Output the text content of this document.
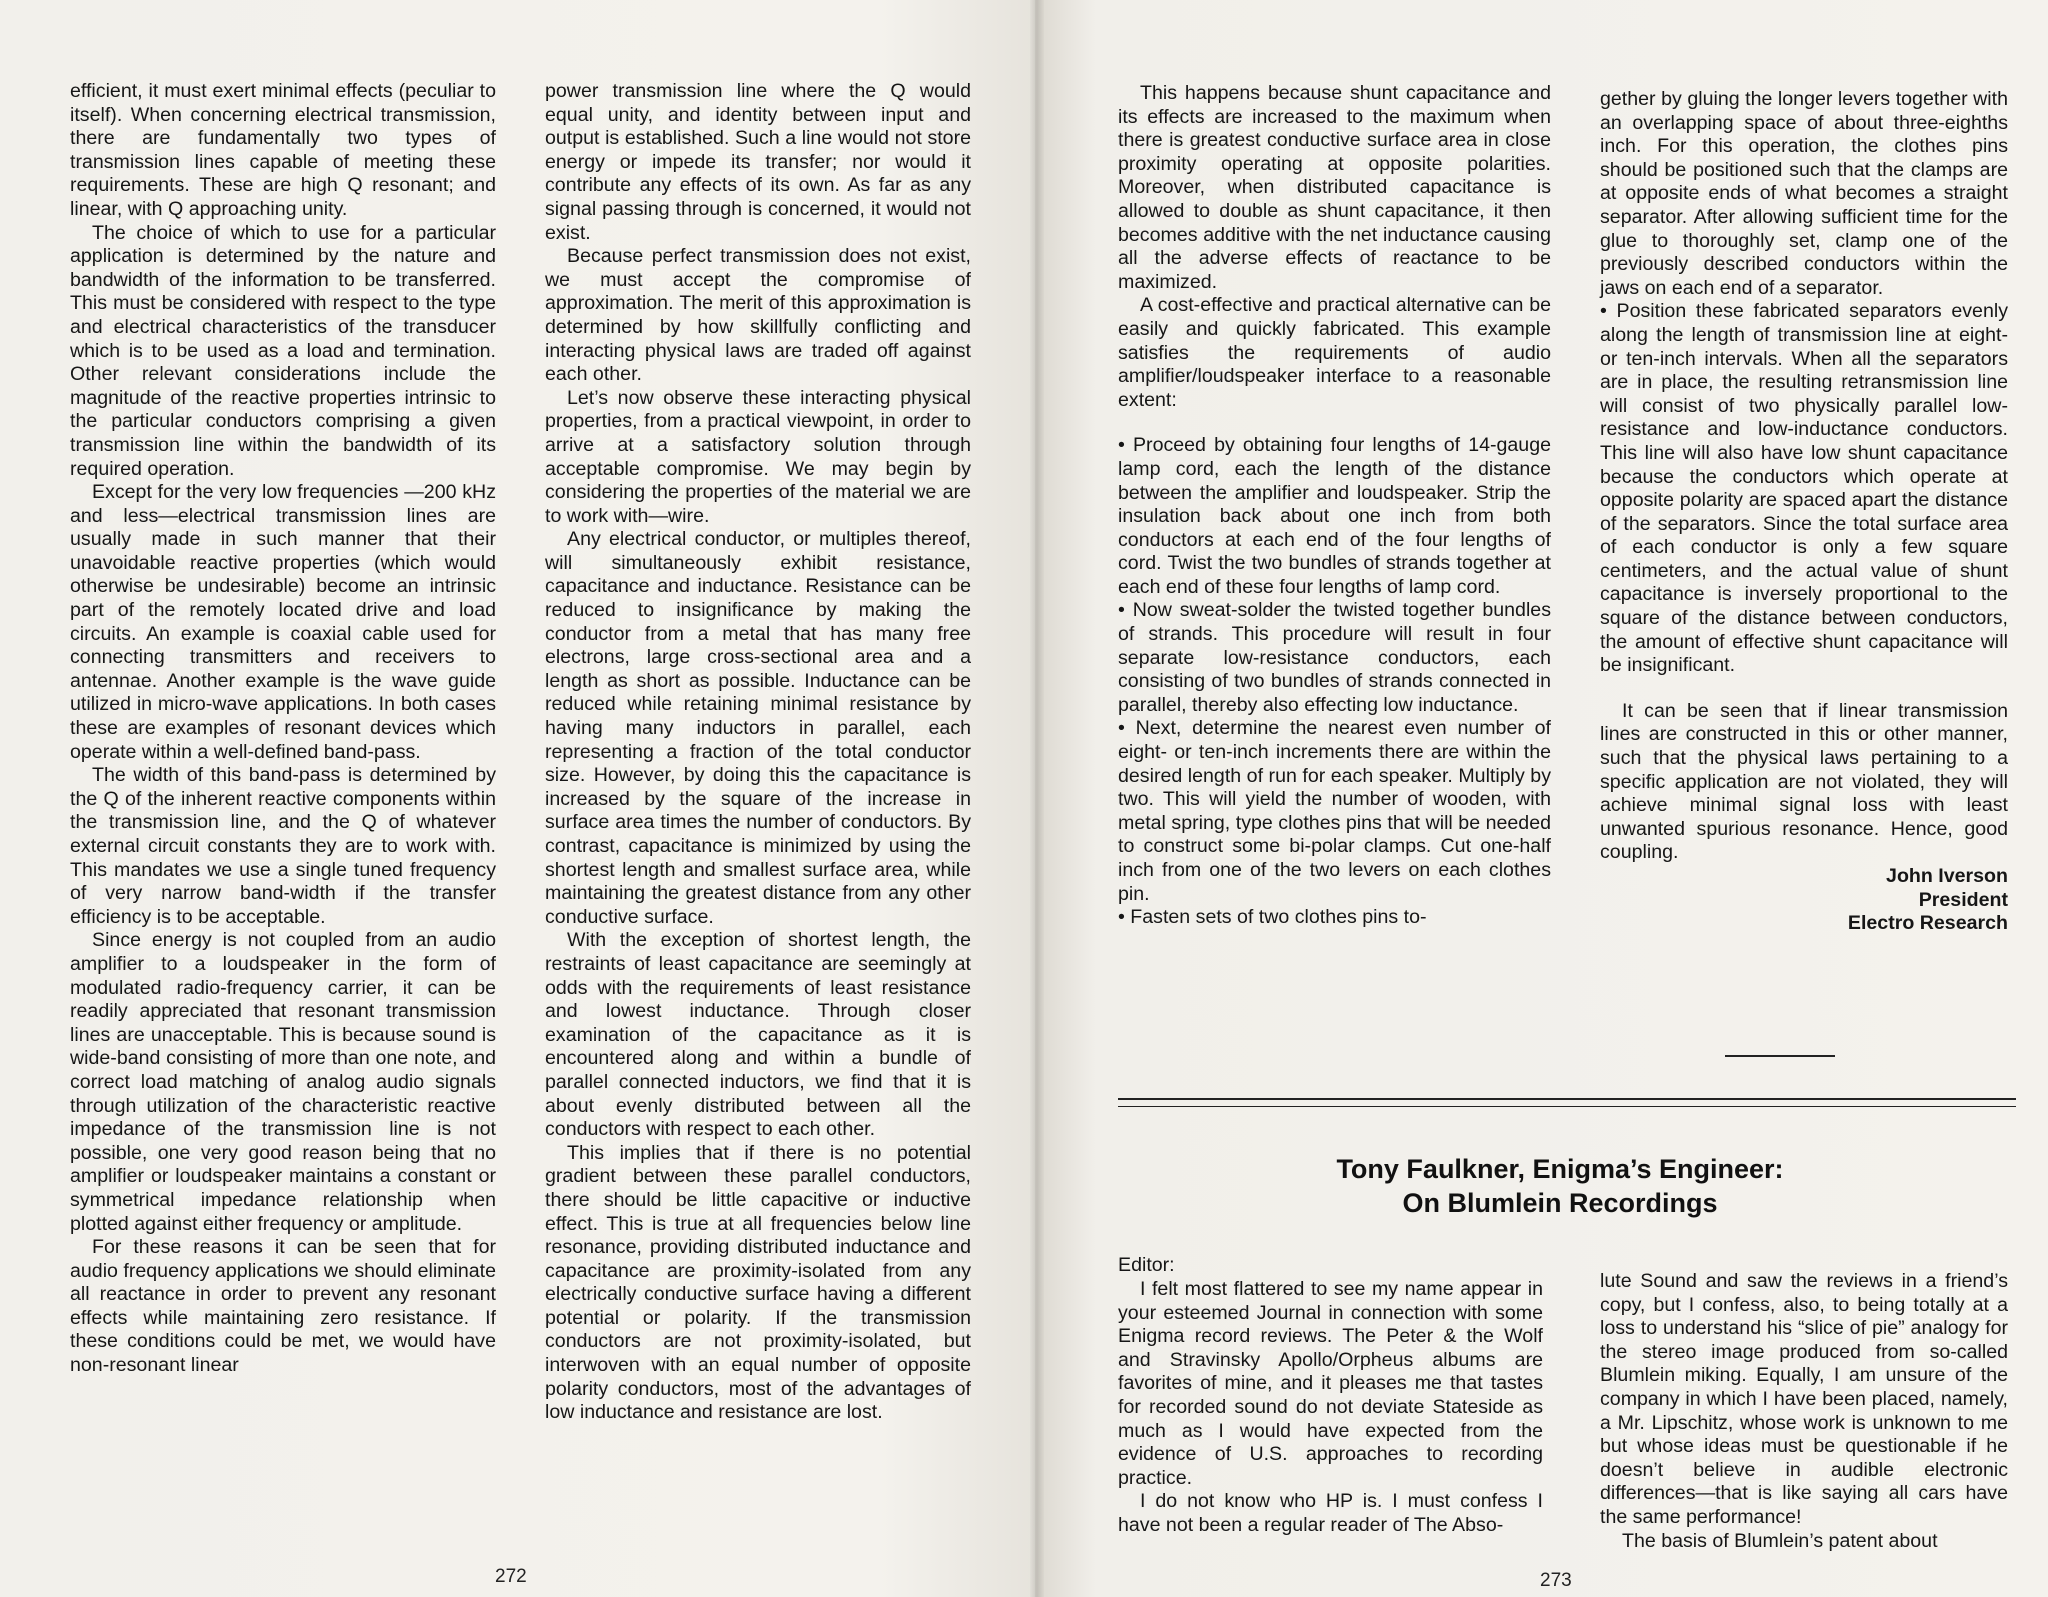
efficient, it must exert minimal effects (peculiar to itself). When concerning electrical transmission, there are fundamentally two types of transmission lines capable of meeting these requirements. These are high Q resonant; and linear, with Q approaching unity.

The choice of which to use for a particular application is determined by the nature and bandwidth of the information to be transferred. This must be considered with respect to the type and electrical characteristics of the transducer which is to be used as a load and termination. Other relevant considerations include the magnitude of the reactive properties intrinsic to the particular conductors comprising a given transmission line within the bandwidth of its required operation.

Except for the very low frequencies —200 kHz and less—electrical transmission lines are usually made in such manner that their unavoidable reactive properties (which would otherwise be undesirable) become an intrinsic part of the remotely located drive and load circuits. An example is coaxial cable used for connecting transmitters and receivers to antennae. Another example is the wave guide utilized in micro-wave applications. In both cases these are examples of resonant devices which operate within a well-defined band-pass.

The width of this band-pass is determined by the Q of the inherent reactive components within the transmission line, and the Q of whatever external circuit constants they are to work with. This mandates we use a single tuned frequency of very narrow band-width if the transfer efficiency is to be acceptable.

Since energy is not coupled from an audio amplifier to a loudspeaker in the form of modulated radio-frequency carrier, it can be readily appreciated that resonant transmission lines are unacceptable. This is because sound is wide-band consisting of more than one note, and correct load matching of analog audio signals through utilization of the characteristic reactive impedance of the transmission line is not possible, one very good reason being that no amplifier or loudspeaker maintains a constant or symmetrical impedance relationship when plotted against either frequency or amplitude.

For these reasons it can be seen that for audio frequency applications we should eliminate all reactance in order to prevent any resonant effects while maintaining zero resistance. If these conditions could be met, we would have non-resonant linear

power transmission line where the Q would equal unity, and identity between input and output is established. Such a line would not store energy or impede its transfer; nor would it contribute any effects of its own. As far as any signal passing through is concerned, it would not exist.

Because perfect transmission does not exist, we must accept the compromise of approximation. The merit of this approximation is determined by how skillfully conflicting and interacting physical laws are traded off against each other.

Let’s now observe these interacting physical properties, from a practical viewpoint, in order to arrive at a satisfactory solution through acceptable compromise. We may begin by considering the properties of the material we are to work with—wire.

Any electrical conductor, or multiples thereof, will simultaneously exhibit resistance, capacitance and inductance. Resistance can be reduced to insignificance by making the conductor from a metal that has many free electrons, large cross-sectional area and a length as short as possible. Inductance can be reduced while retaining minimal resistance by having many inductors in parallel, each representing a fraction of the total conductor size. However, by doing this the capacitance is increased by the square of the increase in surface area times the number of conductors. By contrast, capacitance is minimized by using the shortest length and smallest surface area, while maintaining the greatest distance from any other conductive surface.

With the exception of shortest length, the restraints of least capacitance are seemingly at odds with the requirements of least resistance and lowest inductance. Through closer examination of the capacitance as it is encountered along and within a bundle of parallel connected inductors, we find that it is about evenly distributed between all the conductors with respect to each other.

This implies that if there is no potential gradient between these parallel conductors, there should be little capacitive or inductive effect. This is true at all frequencies below line resonance, providing distributed inductance and capacitance are proximity-isolated from any electrically conductive surface having a different potential or polarity. If the transmission conductors are not proximity-isolated, but interwoven with an equal number of opposite polarity conductors, most of the advantages of low inductance and resistance are lost.

272

This happens because shunt capacitance and its effects are increased to the maximum when there is greatest conductive surface area in close proximity operating at opposite polarities. Moreover, when distributed capacitance is allowed to double as shunt capacitance, it then becomes additive with the net inductance causing all the adverse effects of reactance to be maximized.

A cost-effective and practical alternative can be easily and quickly fabricated. This example satisfies the requirements of audio amplifier/loudspeaker interface to a reasonable extent:

• Proceed by obtaining four lengths of 14-gauge lamp cord, each the length of the distance between the amplifier and loudspeaker. Strip the insulation back about one inch from both conductors at each end of the four lengths of cord. Twist the two bundles of strands together at each end of these four lengths of lamp cord.

• Now sweat-solder the twisted together bundles of strands. This procedure will result in four separate low-resistance conductors, each consisting of two bundles of strands connected in parallel, thereby also effecting low inductance.

• Next, determine the nearest even number of eight- or ten-inch increments there are within the desired length of run for each speaker. Multiply by two. This will yield the number of wooden, with metal spring, type clothes pins that will be needed to construct some bi-polar clamps. Cut one-half inch from one of the two levers on each clothes pin.

• Fasten sets of two clothes pins to-

gether by gluing the longer levers together with an overlapping space of about three-eighths inch. For this operation, the clothes pins should be positioned such that the clamps are at opposite ends of what becomes a straight separator. After allowing sufficient time for the glue to thoroughly set, clamp one of the previously described conductors within the jaws on each end of a separator.

• Position these fabricated separators evenly along the length of transmission line at eight- or ten-inch intervals. When all the separators are in place, the resulting retransmission line will consist of two physically parallel low-resistance and low-inductance conductors. This line will also have low shunt capacitance because the conductors which operate at opposite polarity are spaced apart the distance of the separators. Since the total surface area of each conductor is only a few square centimeters, and the actual value of shunt capacitance is inversely proportional to the square of the distance between conductors, the amount of effective shunt capacitance will be insignificant.

It can be seen that if linear transmission lines are constructed in this or other manner, such that the physical laws pertaining to a specific application are not violated, they will achieve minimal signal loss with least unwanted spurious resonance. Hence, good coupling.

John Iverson

President

Electro Research

Tony Faulkner, Enigma’s Engineer:
On Blumlein Recordings
Editor:

I felt most flattered to see my name appear in your esteemed Journal in connection with some Enigma record reviews. The Peter & the Wolf and Stravinsky Apollo/Orpheus albums are favorites of mine, and it pleases me that tastes for recorded sound do not deviate Stateside as much as I would have expected from the evidence of U.S. approaches to recording practice.

I do not know who HP is. I must confess I have not been a regular reader of The Abso-

lute Sound and saw the reviews in a friend’s copy, but I confess, also, to being totally at a loss to understand his “slice of pie” analogy for the stereo image produced from so-called Blumlein miking. Equally, I am unsure of the company in which I have been placed, namely, a Mr. Lipschitz, whose work is unknown to me but whose ideas must be questionable if he doesn’t believe in audible electronic differences—that is like saying all cars have the same performance!

The basis of Blumlein’s patent about

273
